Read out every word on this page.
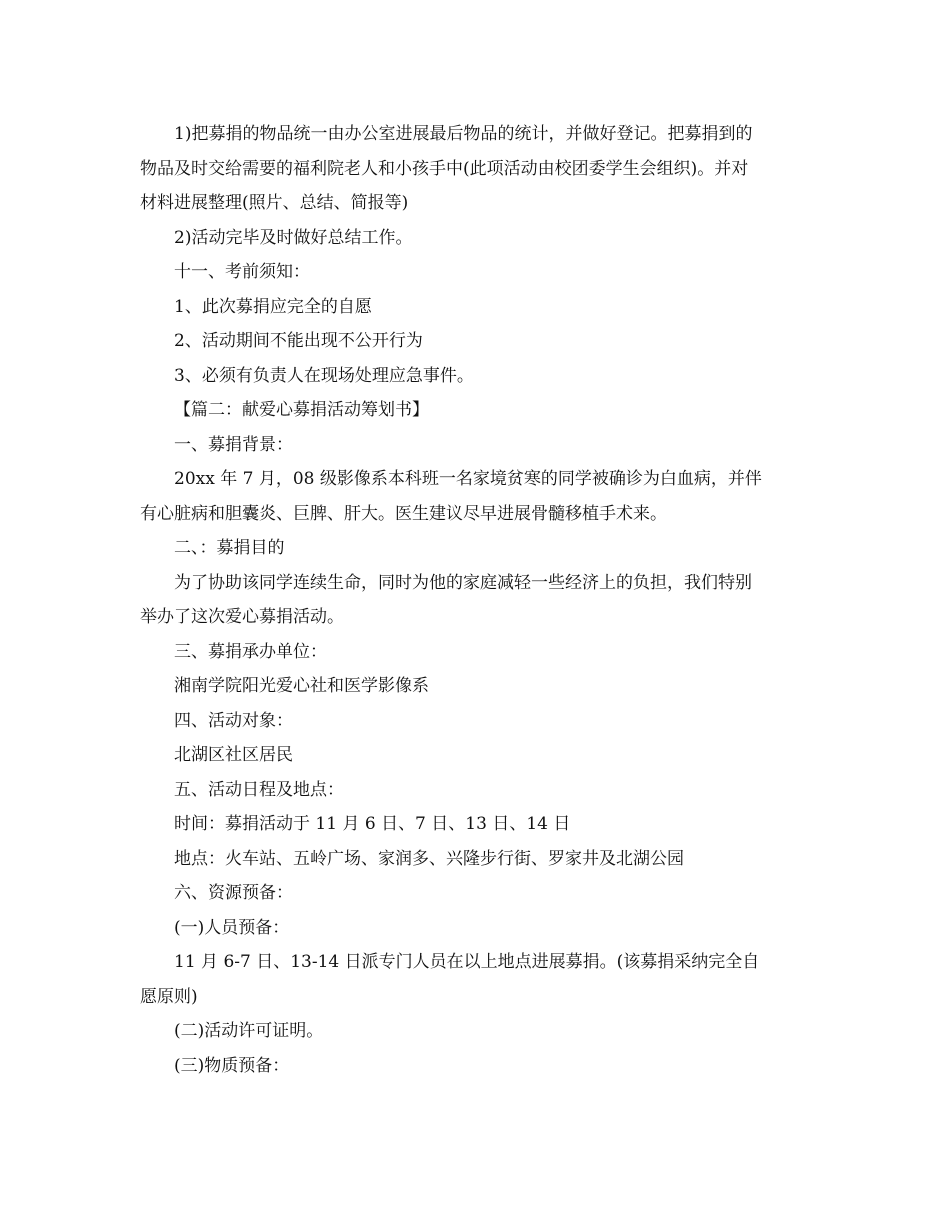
1)把募捐的物品统一由办公室进展最后物品的统计，并做好登记。把募捐到的
物品及时交给需要的福利院老人和小孩手中(此项活动由校团委学生会组织)。并对
材料进展整理(照片、总结、简报等)
2)活动完毕及时做好总结工作。
十一、考前须知：
1、此次募捐应完全的自愿
2、活动期间不能出现不公开行为
3、必须有负责人在现场处理应急事件。
【篇二：献爱心募捐活动筹划书】
一、募捐背景：
20xx 年 7 月，08 级影像系本科班一名家境贫寒的同学被确诊为白血病，并伴
有心脏病和胆囊炎、巨脾、肝大。医生建议尽早进展骨髓移植手术来。
二、：募捐目的
为了协助该同学连续生命，同时为他的家庭减轻一些经济上的负担，我们特别
举办了这次爱心募捐活动。
三、募捐承办单位：
湘南学院阳光爱心社和医学影像系
四、活动对象：
北湖区社区居民
五、活动日程及地点：
时间：募捐活动于 11 月 6 日、7 日、13 日、14 日
地点：火车站、五岭广场、家润多、兴隆步行街、罗家井及北湖公园
六、资源预备：
(一)人员预备：
11 月 6-7 日、13-14 日派专门人员在以上地点进展募捐。(该募捐采纳完全自
愿原则)
(二)活动许可证明。
(三)物质预备：
